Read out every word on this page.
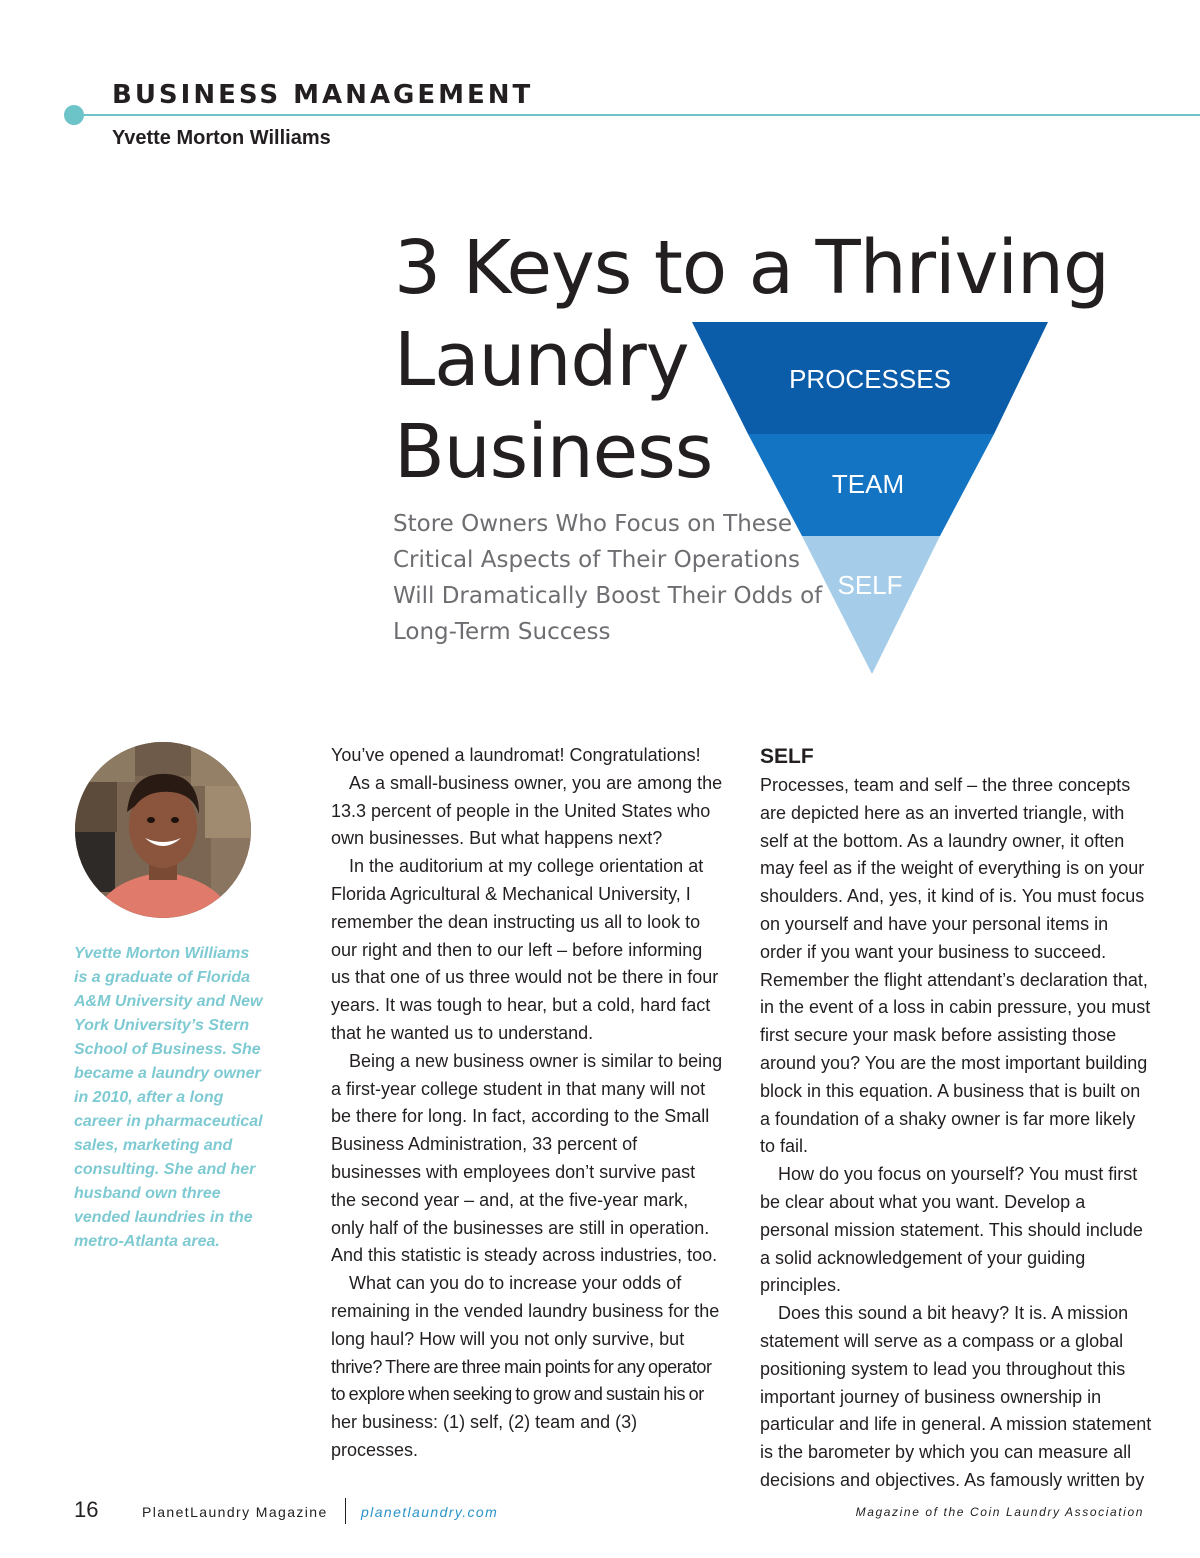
BUSINESS MANAGEMENT
Yvette Morton Williams
3 Keys to a Thriving
Laundry
Business
Store Owners Who Focus on These Critical Aspects of Their Operations Will Dramatically Boost Their Odds of Long-Term Success
PROCESSES
TEAM
SELF
Yvette Morton Williams is a graduate of Florida A&M University and New York University’s Stern School of Business. She became a laundry owner in 2010, after a long career in pharmaceutical sales, marketing and consulting. She and her husband own three vended laundries in the metro-Atlanta area.

You’ve opened a laundromat! Congratulations!

As a small-business owner, you are among the 13.3 percent of people in the United States who own businesses. But what happens next?

In the auditorium at my college orientation at Florida Agricultural & Mechanical University, I remember the dean instructing us all to look to our right and then to our left – before informing us that one of us three would not be there in four years. It was tough to hear, but a cold, hard fact that he wanted us to understand.

Being a new business owner is similar to being a first-year college student in that many will not be there for long. In fact, according to the Small Business Administration, 33 percent of businesses with employees don’t survive past the second year – and, at the five-year mark, only half of the businesses are still in operation. And this statistic is steady across industries, too.

What can you do to increase your odds of remaining in the vended laundry business for the long haul? How will you not only survive, but

thrive? There are three main points for any operator to explore when seeking to grow and sustain his or

her business: (1) self, (2) team and (3) processes.

SELF

Processes, team and self – the three concepts are depicted here as an inverted triangle, with self at the bottom. As a laundry owner, it often may feel as if the weight of everything is on your shoulders. And, yes, it kind of is. You must focus on yourself and have your personal items in order if you want your business to succeed. Remember the flight attendant’s declaration that, in the event of a loss in cabin pressure, you must first secure your mask before assisting those around you? You are the most important building block in this equation. A business that is built on a foundation of a shaky owner is far more likely to fail.

How do you focus on yourself? You must first be clear about what you want. Develop a personal mission statement. This should include a solid acknowledgement of your guiding principles.

Does this sound a bit heavy? It is. A mission statement will serve as a compass or a global positioning system to lead you throughout this important journey of business ownership in particular and life in general. A mission statement is the barometer by which you can measure all decisions and objectives. As famously written by

16	PlanetLaundry Magazine planetlaundry.com	Magazine of the Coin Laundry Association
